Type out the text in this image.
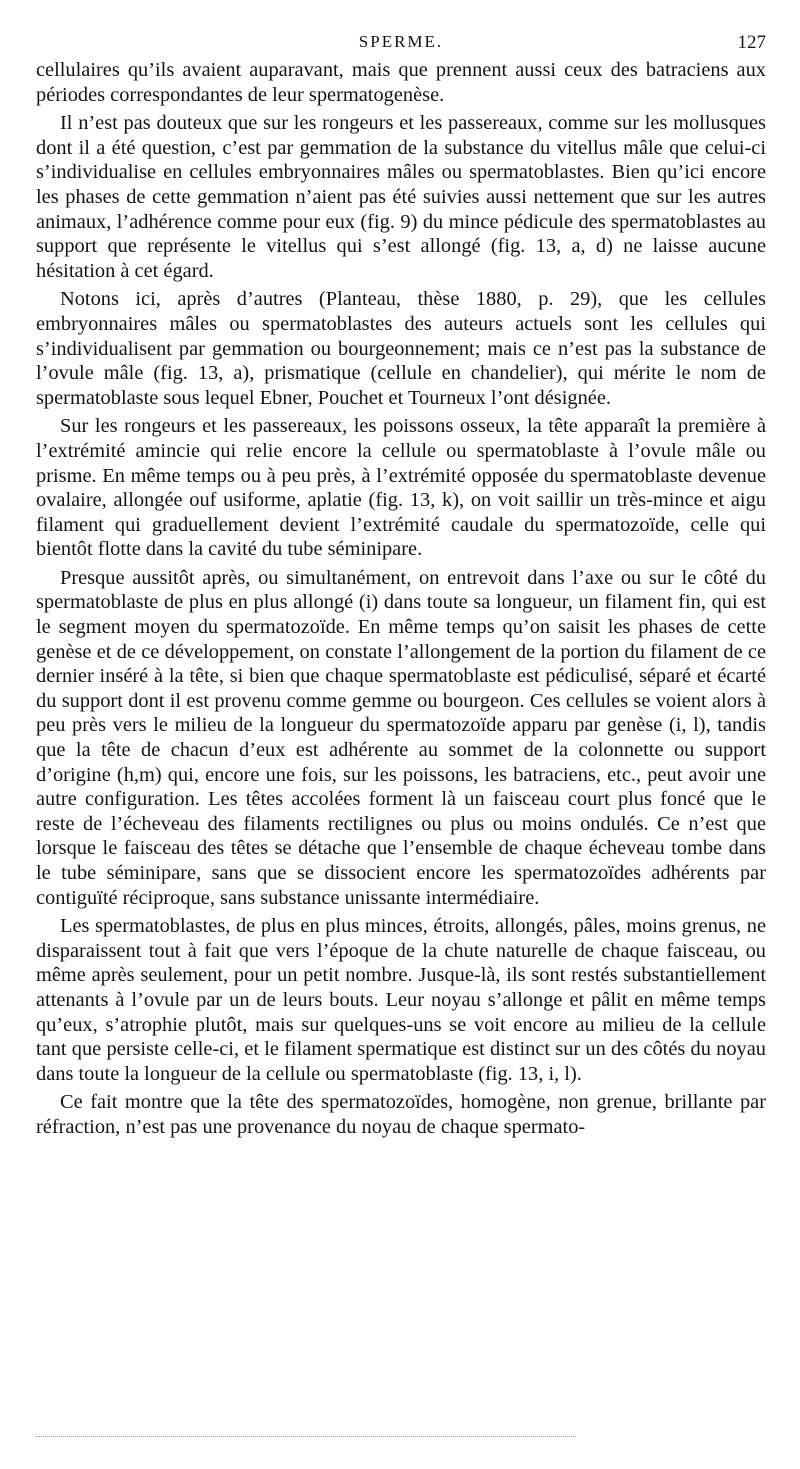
SPERME.	127

cellulaires qu’ils avaient auparavant, mais que prennent aussi ceux des batraciens aux périodes correspondantes de leur spermatogenèse.

Il n’est pas douteux que sur les rongeurs et les passereaux, comme sur les mollusques dont il a été question, c’est par gemmation de la substance du vitellus mâle que celui-ci s’individualise en cellules embryonnaires mâles ou spermatoblastes. Bien qu’ici encore les phases de cette gemmation n’aient pas été suivies aussi nettement que sur les autres animaux, l’adhérence comme pour eux (fig. 9) du mince pédicule des spermatoblastes au support que représente le vitellus qui s’est allongé (fig. 13, a, d) ne laisse aucune hésitation à cet égard.

Notons ici, après d’autres (Planteau, thèse 1880, p. 29), que les cellules embryonnaires mâles ou spermatoblastes des auteurs actuels sont les cellules qui s’individualisent par gemmation ou bourgeonnement; mais ce n’est pas la substance de l’ovule mâle (fig. 13, a), prismatique (cellule en chandelier), qui mérite le nom de spermatoblaste sous lequel Ebner, Pouchet et Tourneux l’ont désignée.

Sur les rongeurs et les passereaux, les poissons osseux, la tête apparaît la première à l’extrémité amincie qui relie encore la cellule ou spermatoblaste à l’ovule mâle ou prisme. En même temps ou à peu près, à l’extrémité opposée du spermatoblaste devenue ovalaire, allongée ouf usiforme, aplatie (fig. 13, k), on voit saillir un très-mince et aigu filament qui graduellement devient l’extrémité caudale du spermatozoïde, celle qui bientôt flotte dans la cavité du tube séminipare.

Presque aussitôt après, ou simultanément, on entrevoit dans l’axe ou sur le côté du spermatoblaste de plus en plus allongé (i) dans toute sa longueur, un filament fin, qui est le segment moyen du spermatozoïde. En même temps qu’on saisit les phases de cette genèse et de ce développement, on constate l’allongement de la portion du filament de ce dernier inséré à la tête, si bien que chaque spermatoblaste est pédiculisé, séparé et écarté du support dont il est provenu comme gemme ou bourgeon. Ces cellules se voient alors à peu près vers le milieu de la longueur du spermatozoïde apparu par genèse (i, l), tandis que la tête de chacun d’eux est adhérente au sommet de la colonnette ou support d’origine (h,m) qui, encore une fois, sur les poissons, les batraciens, etc., peut avoir une autre configuration. Les têtes accolées forment là un faisceau court plus foncé que le reste de l’écheveau des filaments rectilignes ou plus ou moins ondulés. Ce n’est que lorsque le faisceau des têtes se détache que l’ensemble de chaque écheveau tombe dans le tube séminipare, sans que se dissocient encore les spermatozoïdes adhérents par contiguïté réciproque, sans substance unissante intermédiaire.

Les spermatoblastes, de plus en plus minces, étroits, allongés, pâles, moins grenus, ne disparaissent tout à fait que vers l’époque de la chute naturelle de chaque faisceau, ou même après seulement, pour un petit nombre. Jusque-là, ils sont restés substantiellement attenants à l’ovule par un de leurs bouts. Leur noyau s’allonge et pâlit en même temps qu’eux, s’atrophie plutôt, mais sur quelques-uns se voit encore au milieu de la cellule tant que persiste celle-ci, et le filament spermatique est distinct sur un des côtés du noyau dans toute la longueur de la cellule ou spermatoblaste (fig. 13, i, l).

Ce fait montre que la tête des spermatozoïdes, homogène, non grenue, brillante par réfraction, n’est pas une provenance du noyau de chaque spermato-
